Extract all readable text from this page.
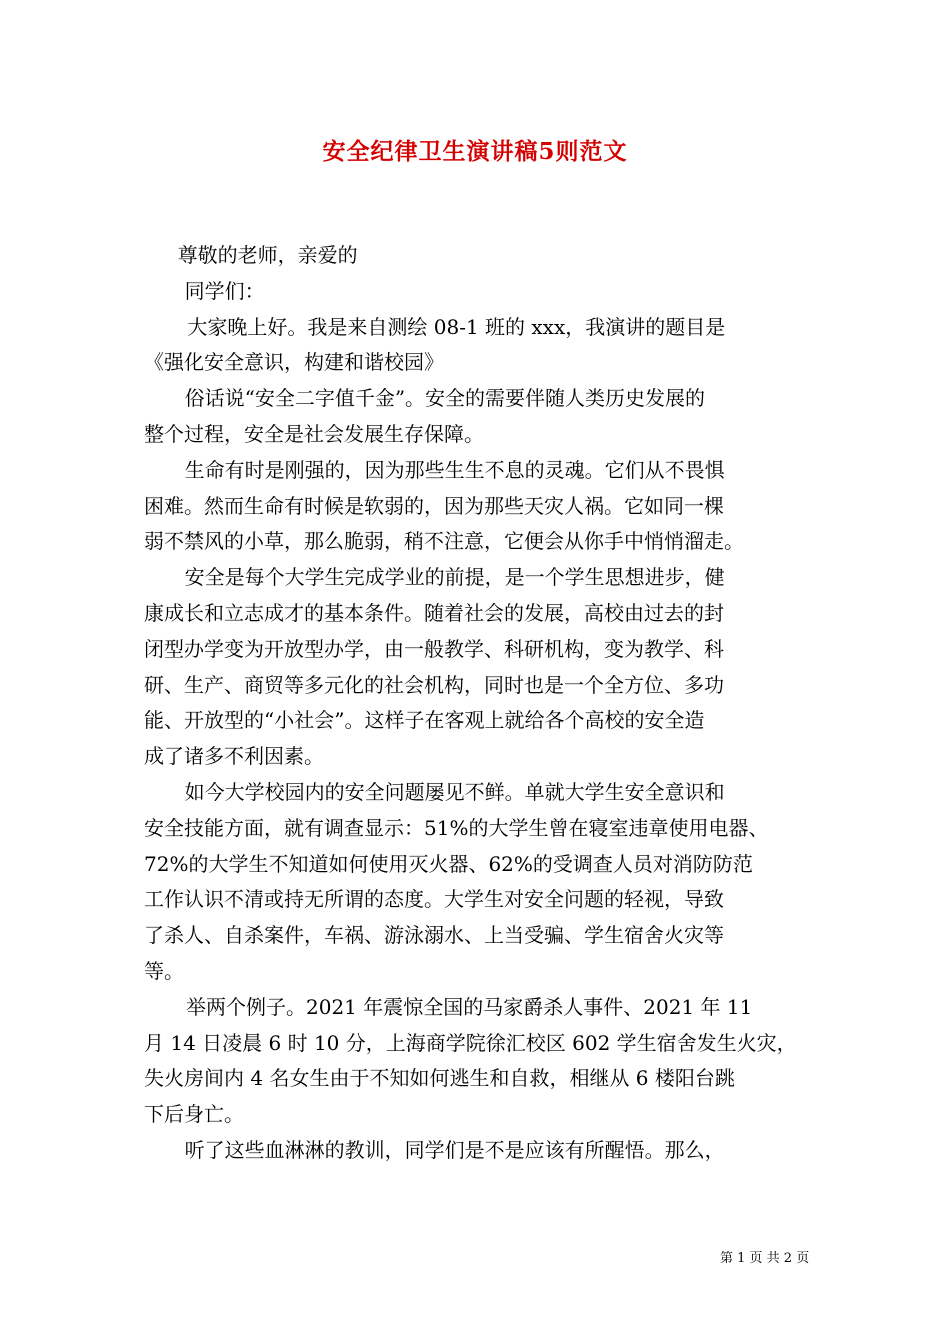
安全纪律卫生演讲稿5则范文
尊敬的老师，亲爱的
同学们：
大家晚上好。我是来自测绘 08-1 班的 xxx，我演讲的题目是
《强化安全意识，构建和谐校园》
俗话说“安全二字值千金”。安全的需要伴随人类历史发展的
整个过程，安全是社会发展生存保障。
生命有时是刚强的，因为那些生生不息的灵魂。它们从不畏惧
困难。然而生命有时候是软弱的，因为那些天灾人祸。它如同一棵
弱不禁风的小草，那么脆弱，稍不注意，它便会从你手中悄悄溜走。
安全是每个大学生完成学业的前提，是一个学生思想进步，健
康成长和立志成才的基本条件。随着社会的发展，高校由过去的封
闭型办学变为开放型办学，由一般教学、科研机构，变为教学、科
研、生产、商贸等多元化的社会机构，同时也是一个全方位、多功
能、开放型的“小社会”。这样子在客观上就给各个高校的安全造
成了诸多不利因素。
如今大学校园内的安全问题屡见不鲜。单就大学生安全意识和
安全技能方面，就有调查显示：51%的大学生曾在寝室违章使用电器、
72%的大学生不知道如何使用灭火器、62%的受调查人员对消防防范
工作认识不清或持无所谓的态度。大学生对安全问题的轻视，导致
了杀人、自杀案件，车祸、游泳溺水、上当受骗、学生宿舍火灾等
等。
举两个例子。2021 年震惊全国的马家爵杀人事件、2021 年 11
月 14 日凌晨 6 时 10 分，上海商学院徐汇校区 602 学生宿舍发生火灾，
失火房间内 4 名女生由于不知如何逃生和自救，相继从 6 楼阳台跳
下后身亡。
听了这些血淋淋的教训，同学们是不是应该有所醒悟。那么，
第 1 页 共 2 页
